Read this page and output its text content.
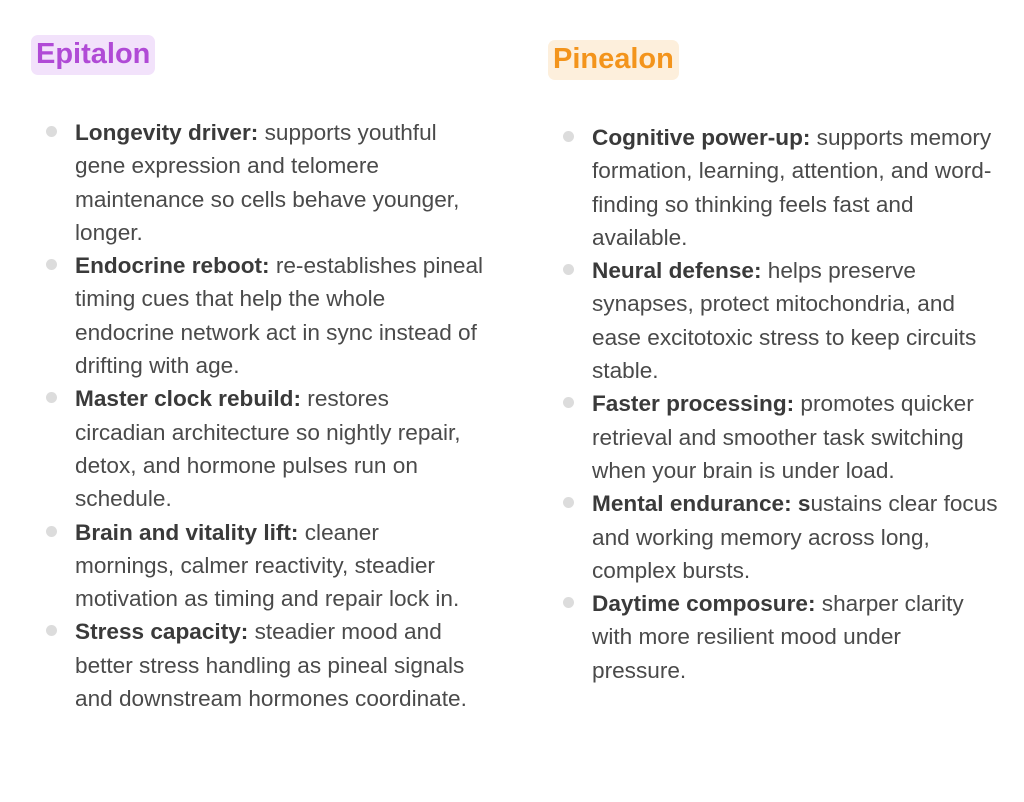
Epitalon
Longevity driver: supports youthful gene expression and telomere maintenance so cells behave younger, longer.
Endocrine reboot: re-establishes pineal timing cues that help the whole endocrine network act in sync instead of drifting with age.
Master clock rebuild: restores circadian architecture so nightly repair, detox, and hormone pulses run on schedule.
Brain and vitality lift: cleaner mornings, calmer reactivity, steadier motivation as timing and repair lock in.
Stress capacity: steadier mood and better stress handling as pineal signals and downstream hormones coordinate.
Pinealon
Cognitive power-up: supports memory formation, learning, attention, and word-finding so thinking feels fast and available.
Neural defense: helps preserve synapses, protect mitochondria, and ease excitotoxic stress to keep circuits stable.
Faster processing: promotes quicker retrieval and smoother task switching when your brain is under load.
Mental endurance: sustains clear focus and working memory across long, complex bursts.
Daytime composure: sharper clarity with more resilient mood under pressure.
